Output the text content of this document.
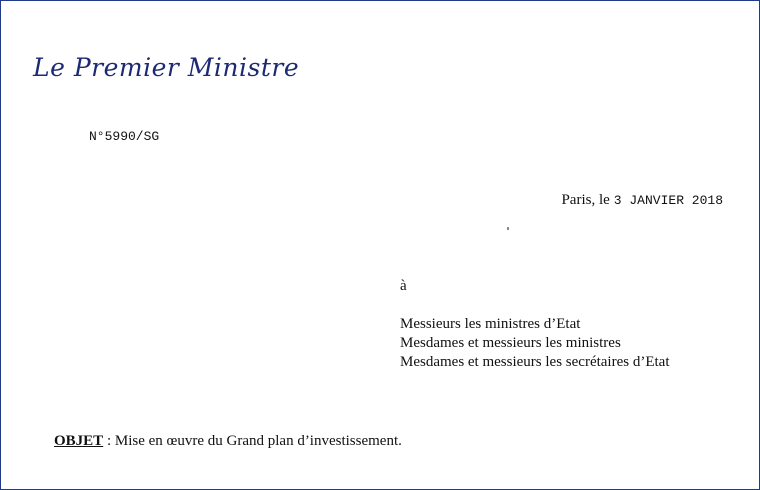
Le Premier Ministre
N°5990/SG
Paris, le 3 JANVIER 2018
à
Messieurs les ministres d’Etat
Mesdames et messieurs les ministres
Mesdames et messieurs les secrétaires d’Etat
OBJET : Mise en œuvre du Grand plan d’investissement.
